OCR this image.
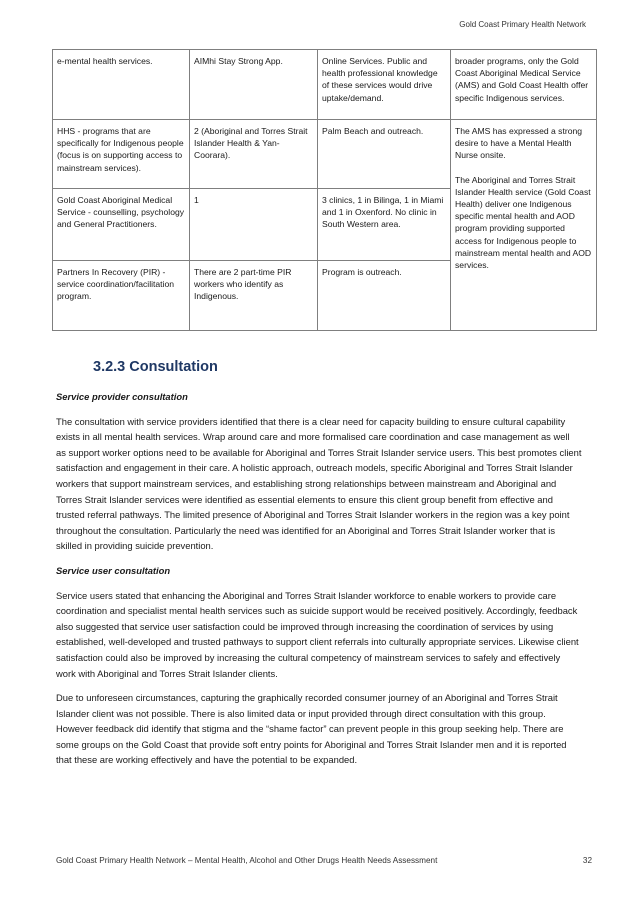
Gold Coast Primary Health Network
e-mental health services.	AIMhi Stay Strong App.	Online Services. Public and health professional knowledge of these services would drive uptake/demand.	broader programs, only the Gold Coast Aboriginal Medical Service (AMS) and Gold Coast Health offer specific Indigenous services.
HHS - programs that are specifically for Indigenous people (focus is on supporting access to mainstream services).	2 (Aboriginal and Torres Strait Islander Health & Yan-Coorara).	Palm Beach and outreach.	The AMS has expressed a strong desire to have a Mental Health Nurse onsite.
The Aboriginal and Torres Strait Islander Health service (Gold Coast Health) deliver one Indigenous specific mental health and AOD program providing supported access for Indigenous people to mainstream mental health and AOD services.
Gold Coast Aboriginal Medical Service - counselling, psychology and General Practitioners.	1	3 clinics, 1 in Bilinga, 1 in Miami and 1 in Oxenford. No clinic in South Western area.	
Partners In Recovery (PIR) - service coordination/facilitation program.	There are 2 part-time PIR workers who identify as Indigenous.	Program is outreach.	
3.2.3 Consultation

Service provider consultation

The consultation with service providers identified that there is a clear need for capacity building to ensure cultural capability exists in all mental health services. Wrap around care and more formalised care coordination and case management as well as support worker options need to be available for Aboriginal and Torres Strait Islander service users. This best promotes client satisfaction and engagement in their care. A holistic approach, outreach models, specific Aboriginal and Torres Strait Islander workers that support mainstream services, and establishing strong relationships between mainstream and Aboriginal and Torres Strait Islander services were identified as essential elements to ensure this client group benefit from effective and trusted referral pathways. The limited presence of Aboriginal and Torres Strait Islander workers in the region was a key point throughout the consultation. Particularly the need was identified for an Aboriginal and Torres Strait Islander worker that is skilled in providing suicide prevention.

Service user consultation

Service users stated that enhancing the Aboriginal and Torres Strait Islander workforce to enable workers to provide care coordination and specialist mental health services such as suicide support would be received positively. Accordingly, feedback also suggested that service user satisfaction could be improved through increasing the coordination of services by using established, well-developed and trusted pathways to support client referrals into culturally appropriate services. Likewise client satisfaction could also be improved by increasing the cultural competency of mainstream services to safely and effectively work with Aboriginal and Torres Strait Islander clients.

Due to unforeseen circumstances, capturing the graphically recorded consumer journey of an Aboriginal and Torres Strait Islander client was not possible. There is also limited data or input provided through direct consultation with this group. However feedback did identify that stigma and the “shame factor” can prevent people in this group seeking help. There are some groups on the Gold Coast that provide soft entry points for Aboriginal and Torres Strait Islander men and it is reported that these are working effectively and have the potential to be expanded.

Gold Coast Primary Health Network – Mental Health, Alcohol and Other Drugs Health Needs Assessment	32
